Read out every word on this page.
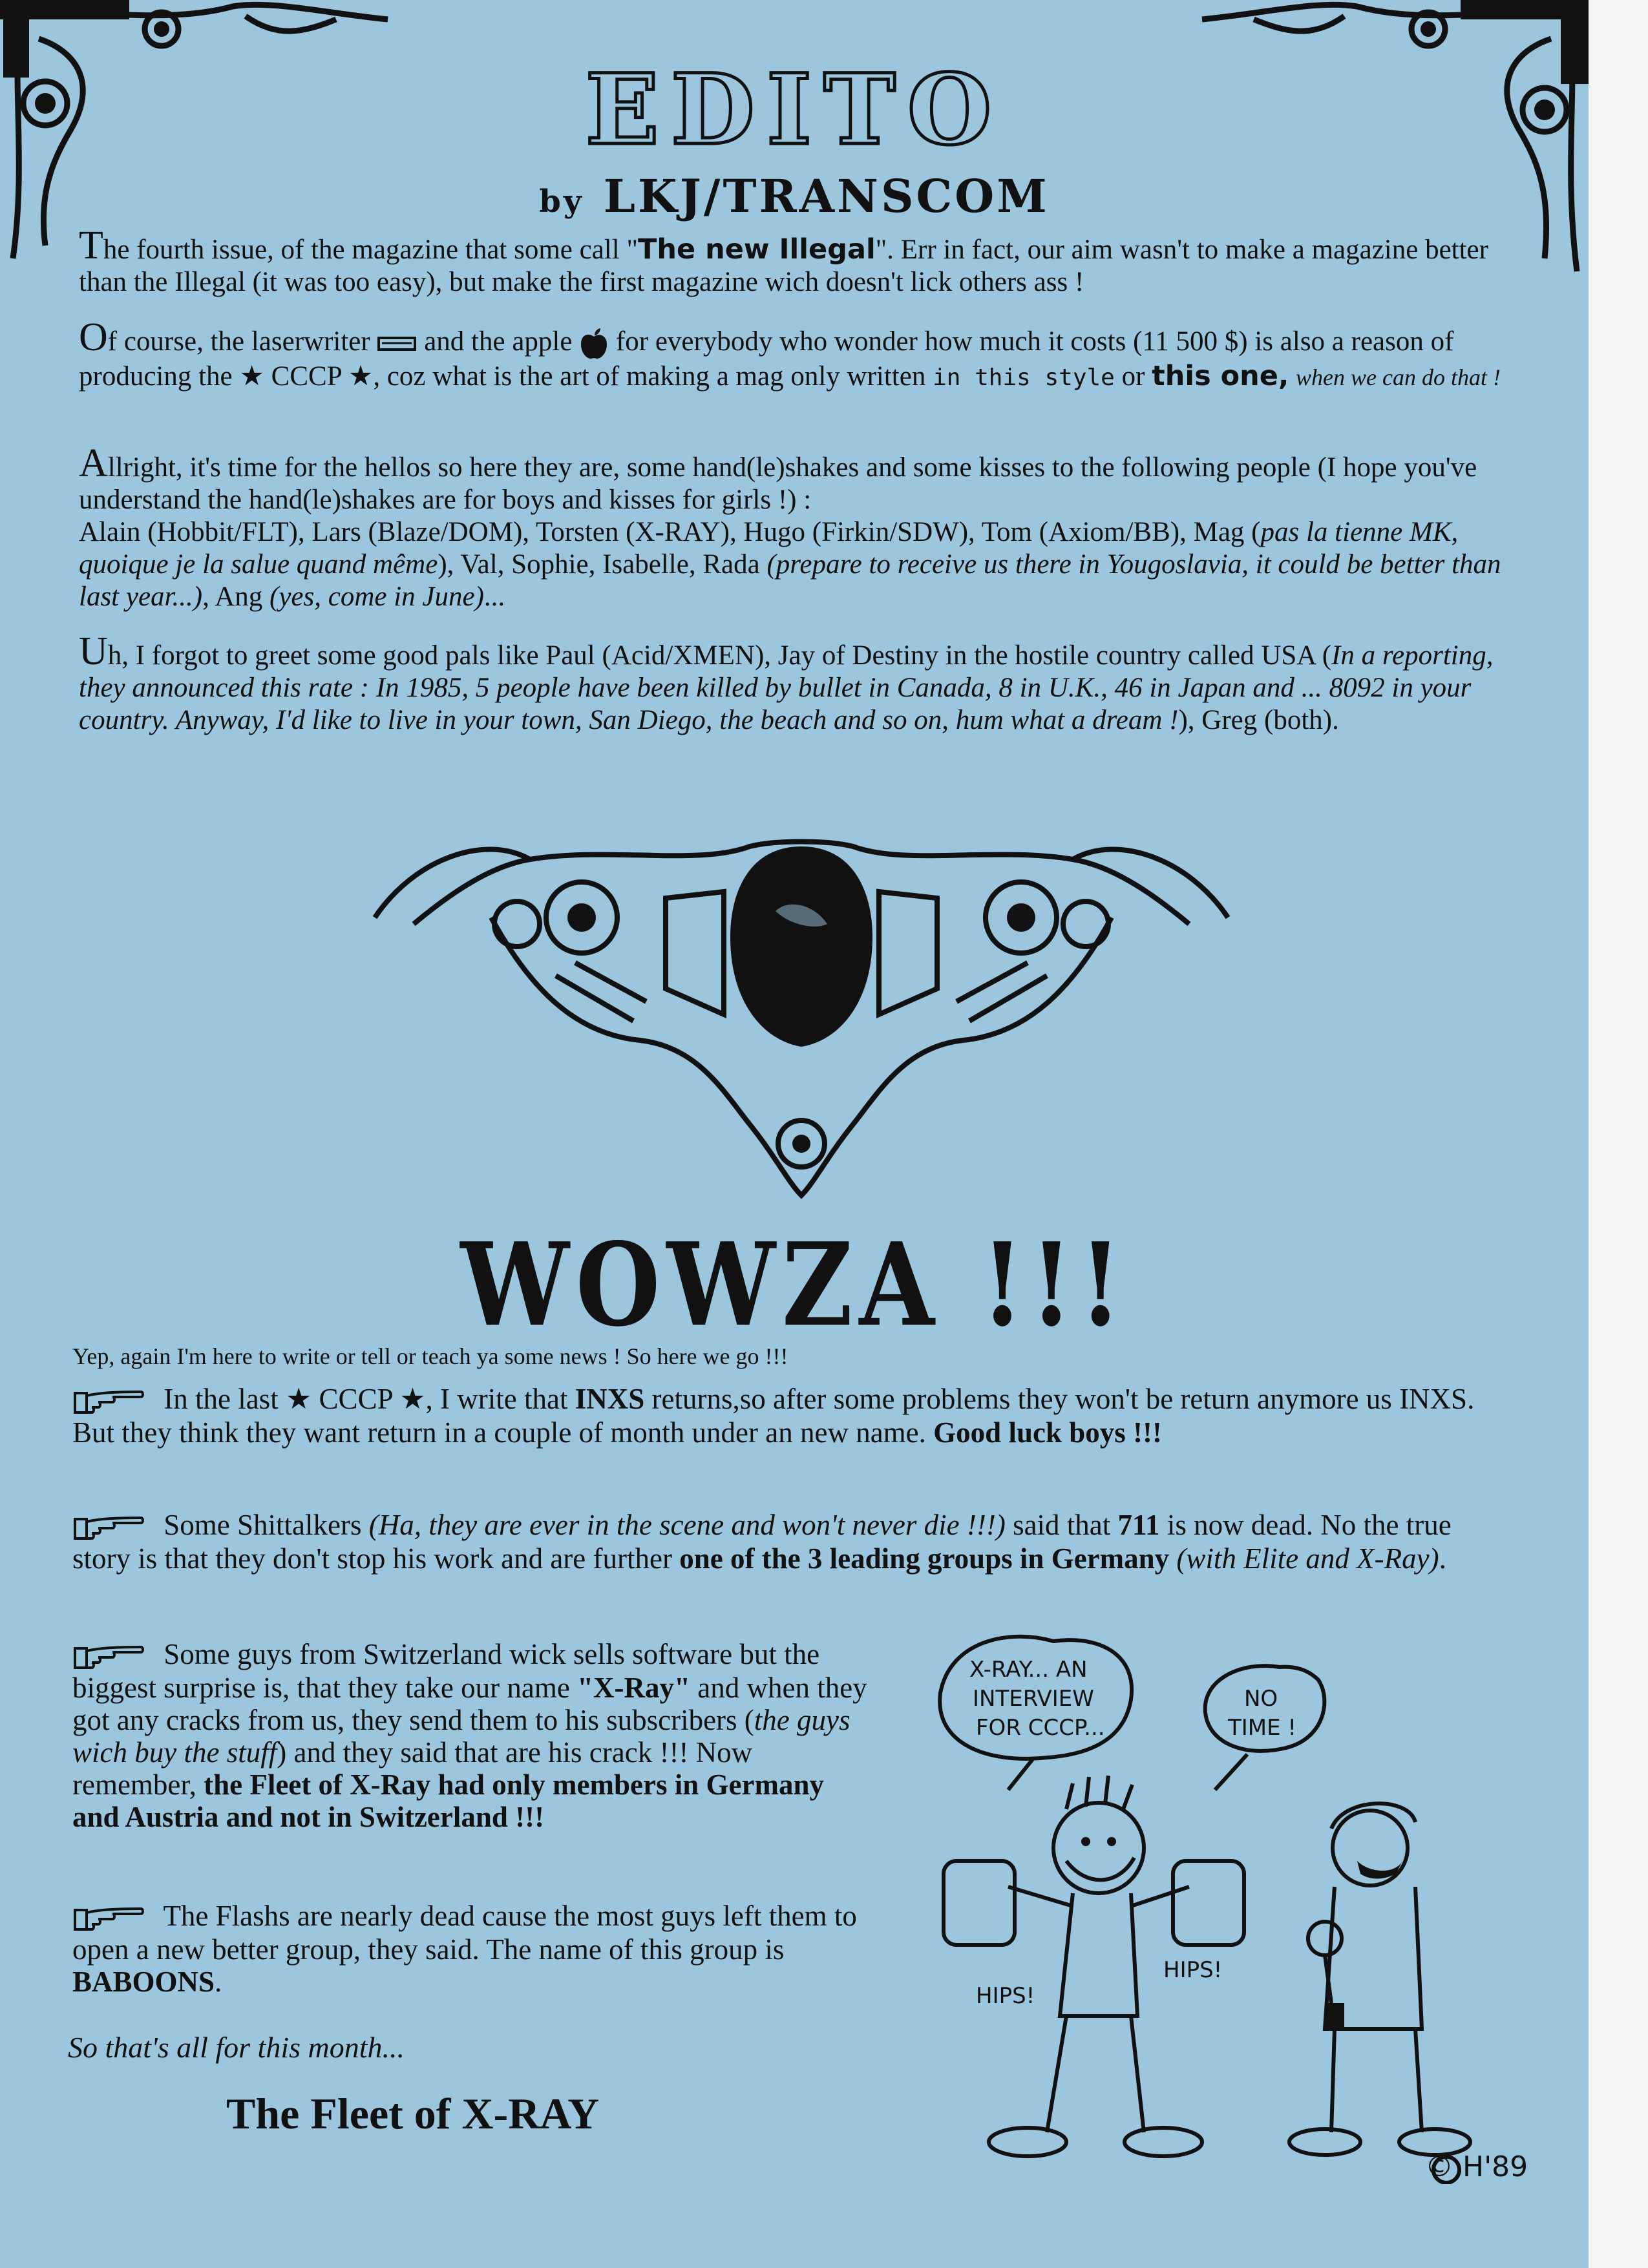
EDITO
by LKJ/TRANSCOM
The fourth issue, of the magazine that some call "The new Illegal". Err in fact, our aim wasn't to make a magazine better than the Illegal (it was too easy), but make the first magazine wich doesn't lick others ass !
Of course, the laserwriter and the apple for everybody who wonder how much it costs (11 500 $) is also a reason of producing the ★ CCCP ★, coz what is the art of making a mag only written in this style or this one, when we can do that !
Allright, it's time for the hellos so here they are, some hand(le)shakes and some kisses to the following people (I hope you've understand the hand(le)shakes are for boys and kisses for girls !) :
Alain (Hobbit/FLT), Lars (Blaze/DOM), Torsten (X-RAY), Hugo (Firkin/SDW), Tom (Axiom/BB), Mag (pas la tienne MK, quoique je la salue quand même), Val, Sophie, Isabelle, Rada (prepare to receive us there in Yougoslavia, it could be better than last year...), Ang (yes, come in June)...
Uh, I forgot to greet some good pals like Paul (Acid/XMEN), Jay of Destiny in the hostile country called USA (In a reporting, they announced this rate : In 1985, 5 people have been killed by bullet in Canada, 8 in U.K., 46 in Japan and ... 8092 in your country. Anyway, I'd like to live in your town, San Diego, the beach and so on, hum what a dream !), Greg (both).
WOWZA !!!
Yep, again I'm here to write or tell or teach ya some news ! So here we go !!!
In the last ★ CCCP ★, I write that INXS returns,so after some problems they won't be return anymore us INXS. But they think they want return in a couple of month under an new name. Good luck boys !!!
Some Shittalkers (Ha, they are ever in the scene and won't never die !!!) said that 711 is now dead. No the true story is that they don't stop his work and are further one of the 3 leading groups in Germany (with Elite and X-Ray).
Some guys from Switzerland wick sells software but the biggest surprise is, that they take our name "X-Ray" and when they got any cracks from us, they send them to his subscribers (the guys wich buy the stuff) and they said that are his crack !!! Now remember, the Fleet of X-Ray had only members in Germany and Austria and not in Switzerland !!!
The Flashs are nearly dead cause the most guys left them to open a new better group, they said. The name of this group is BABOONS.
So that's all for this month...
The Fleet of X-RAY
X-RAY... AN
INTERVIEW
FOR CCCP...
NO
TIME !
HIPS!
HIPS!
© H'89
